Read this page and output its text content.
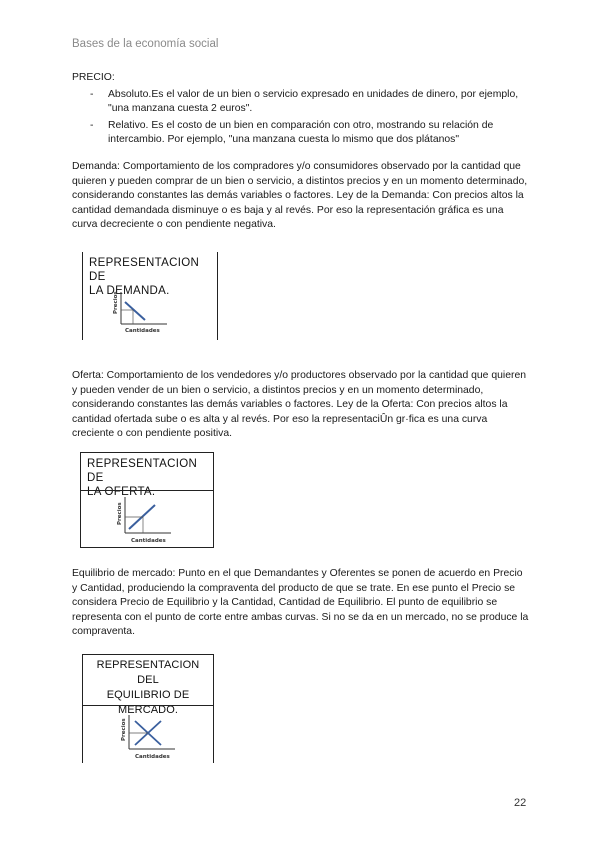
Bases de la economía social

PRECIO:

- Absoluto.Es el valor de un bien o servicio expresado en unidades de dinero, por ejemplo, "una manzana cuesta 2 euros".
- Relativo. Es el costo de un bien en comparación con otro, mostrando su relación de intercambio. Por ejemplo, "una manzana cuesta lo mismo que dos plátanos"

Demanda: Comportamiento de los compradores y/o consumidores observado por la cantidad que quieren y pueden comprar de un bien o servicio, a distintos precios y en un momento determinado, considerando constantes las demás variables o factores. Ley de la Demanda: Con precios altos la cantidad demandada disminuye o es baja y al revés. Por eso la representación gráfica es una curva decreciente o con pendiente negativa.

REPRESENTACION DE
LA DEMANDA.
Precios
Cantidades

Oferta: Comportamiento de los vendedores y/o productores observado por la cantidad que quieren y pueden vender de un bien o servicio, a distintos precios y en un momento determinado, considerando constantes las demás variables o factores. Ley de la Oferta: Con precios altos la cantidad ofertada sube o es alta y al revés. Por eso la representaciÛn gr·fica es una curva creciente o con pendiente positiva.

REPRESENTACION DE
LA OFERTA.
Precios
Cantidades

Equilibrio de mercado: Punto en el que Demandantes y Oferentes se ponen de acuerdo en Precio y Cantidad, produciendo la compraventa del producto de que se trate. En ese punto el Precio se considera Precio de Equilibrio y la Cantidad, Cantidad de Equilibrio. El punto de equilibrio se representa con el punto de corte entre ambas curvas. Si no se da en un mercado, no se produce la compraventa.

REPRESENTACION DEL
EQUILIBRIO DE
MERCADO.
Precios
Cantidades
22
